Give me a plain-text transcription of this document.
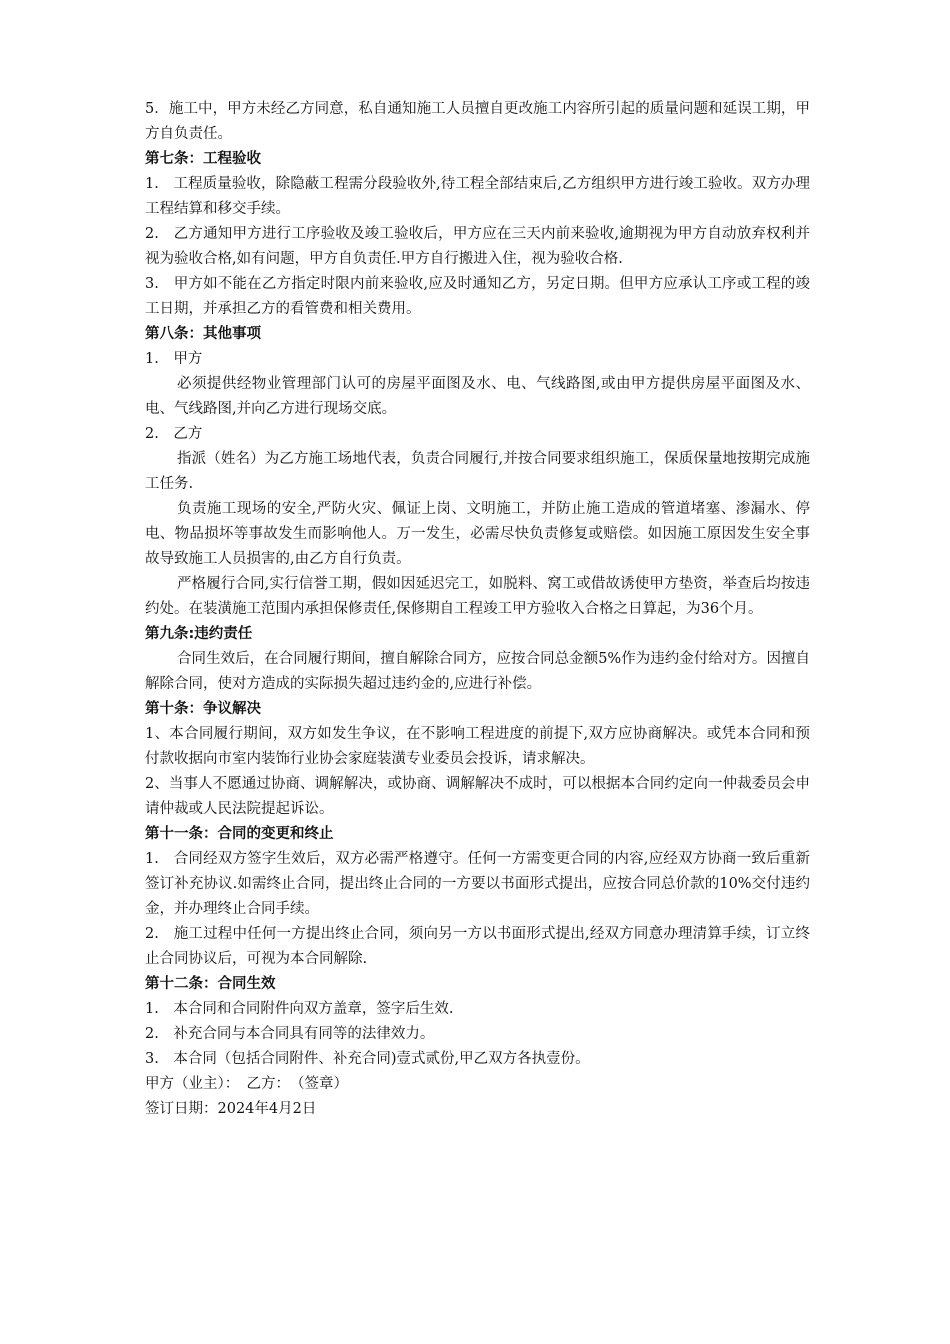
5．施工中，甲方未经乙方同意，私自通知施工人员擅自更改施工内容所引起的质量问题和延误工期，甲方自负责任。

第七条：工程验收

1.　工程质量验收，除隐蔽工程需分段验收外,待工程全部结束后,乙方组织甲方进行竣工验收。双方办理工程结算和移交手续。

2.　乙方通知甲方进行工序验收及竣工验收后，甲方应在三天内前来验收,逾期视为甲方自动放弃权利并视为验收合格,如有问题，甲方自负责任.甲方自行搬进入住，视为验收合格.

3.　甲方如不能在乙方指定时限内前来验收,应及时通知乙方，另定日期。但甲方应承认工序或工程的竣工日期，并承担乙方的看管费和相关费用。

第八条：其他事项

1.　甲方

必须提供经物业管理部门认可的房屋平面图及水、电、气线路图,或由甲方提供房屋平面图及水、电、气线路图,并向乙方进行现场交底。

2.　乙方

指派（姓名）为乙方施工场地代表，负责合同履行,并按合同要求组织施工，保质保量地按期完成施工任务.

负责施工现场的安全,严防火灾、佩证上岗、文明施工，并防止施工造成的管道堵塞、渗漏水、停电、物品损坏等事故发生而影响他人。万一发生，必需尽快负责修复或赔偿。如因施工原因发生安全事故导致施工人员损害的,由乙方自行负责。

严格履行合同,实行信誉工期，假如因延迟完工，如脱料、窝工或借故诱使甲方垫资，举查后均按违约处。在装潢施工范围内承担保修责任,保修期自工程竣工甲方验收入合格之日算起，为36个月。

第九条:违约责任

合同生效后，在合同履行期间，擅自解除合同方，应按合同总金额5%作为违约金付给对方。因擅自解除合同，使对方造成的实际损失超过违约金的,应进行补偿。

第十条：争议解决

1、本合同履行期间，双方如发生争议，在不影响工程进度的前提下,双方应协商解决。或凭本合同和预付款收据向市室内装饰行业协会家庭装潢专业委员会投诉，请求解决。

2、当事人不愿通过协商、调解解决，或协商、调解解决不成时，可以根据本合同约定向一仲裁委员会申请仲裁或人民法院提起诉讼。

第十一条：合同的变更和终止

1.　合同经双方签字生效后，双方必需严格遵守。任何一方需变更合同的内容,应经双方协商一致后重新签订补充协议.如需终止合同，提出终止合同的一方要以书面形式提出，应按合同总价款的10%交付违约金，并办理终止合同手续。

2.　施工过程中任何一方提出终止合同，须向另一方以书面形式提出,经双方同意办理清算手续，订立终止合同协议后，可视为本合同解除.

第十二条：合同生效

1.　本合同和合同附件向双方盖章，签字后生效.

2.　补充合同与本合同具有同等的法律效力。

3.　本合同（包括合同附件、补充合同)壹式贰份,甲乙双方各执壹份。

甲方（业主）：　乙方：　（签章）

签订日期：2024年4月2日
